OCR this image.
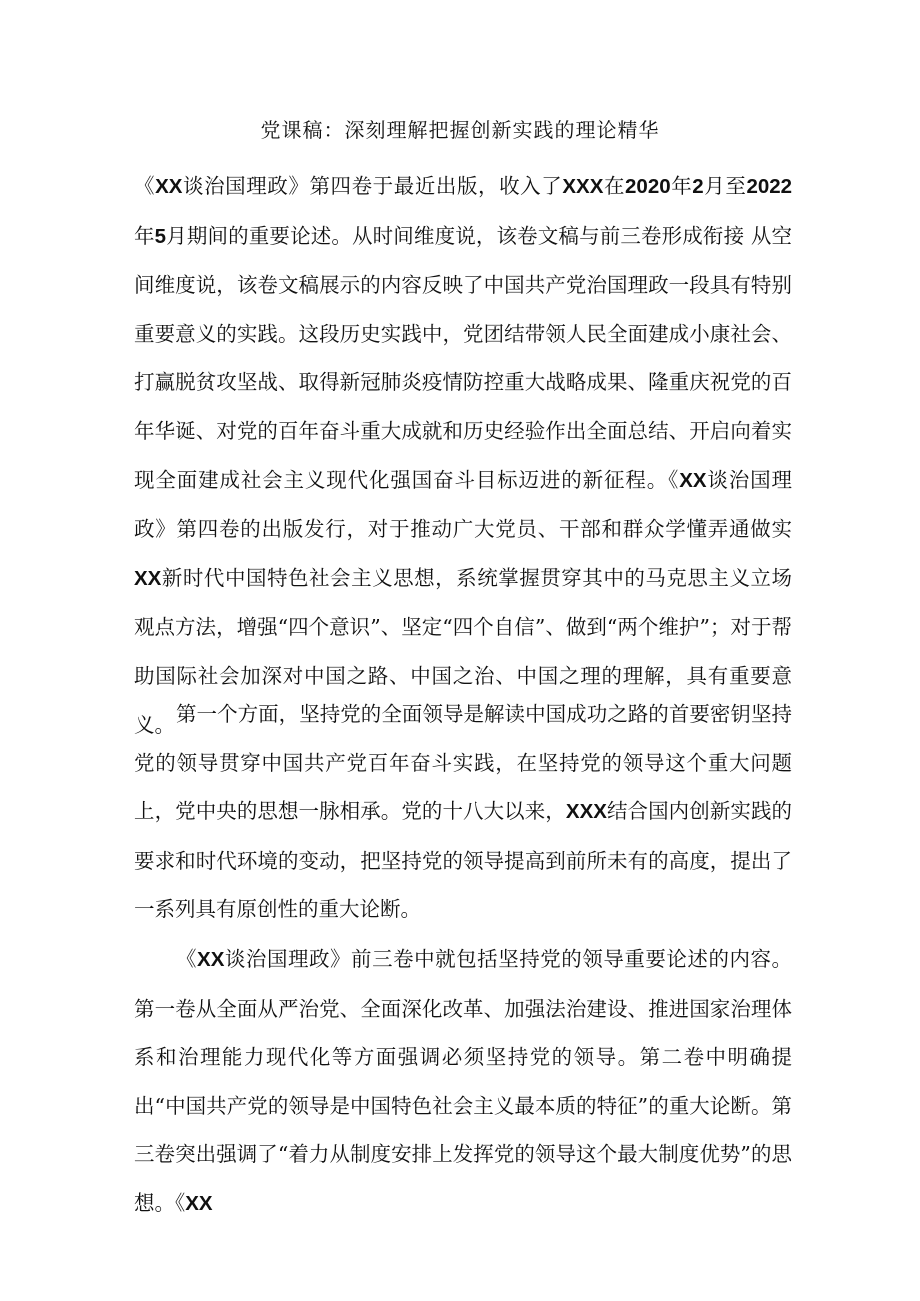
党课稿：深刻理解把握创新实践的理论精华

《XX谈治国理政》第四卷于最近出版，收入了XXX在2020年2月至2022年5月期间的重要论述。从时间维度说，该卷文稿与前三卷形成衔接 从空间维度说，该卷文稿展示的内容反映了中国共产党治国理政一段具有特别重要意义的实践。这段历史实践中，党团结带领人民全面建成小康社会、打赢脱贫攻坚战、取得新冠肺炎疫情防控重大战略成果、隆重庆祝党的百年华诞、对党的百年奋斗重大成就和历史经验作出全面总结、开启向着实现全面建成社会主义现代化强国奋斗目标迈进的新征程。《XX谈治国理政》第四卷的出版发行，对于推动广大党员、干部和群众学懂弄通做实XX新时代中国特色社会主义思想，系统掌握贯穿其中的马克思主义立场观点方法，增强“四个意识”、坚定“四个自信”、做到“两个维护”；对于帮助国际社会加深对中国之路、中国之治、中国之理的理解，具有重要意义。 第一个方面，坚持党的全面领导是解读中国成功之路的首要密钥坚持党的领导贯穿中国共产党百年奋斗实践，在坚持党的领导这个重大问题上，党中央的思想一脉相承。党的十八大以来，XXX结合国内创新实践的要求和时代环境的变动，把坚持党的领导提高到前所未有的高度，提出了一系列具有原创性的重大论断。

《XX谈治国理政》前三卷中就包括坚持党的领导重要论述的内容。第一卷从全面从严治党、全面深化改革、加强法治建设、推进国家治理体系和治理能力现代化等方面强调必须坚持党的领导。第二卷中明确提出“中国共产党的领导是中国特色社会主义最本质的特征”的重大论断。第三卷突出强调了“着力从制度安排上发挥党的领导这个最大制度优势”的思想。《XX
